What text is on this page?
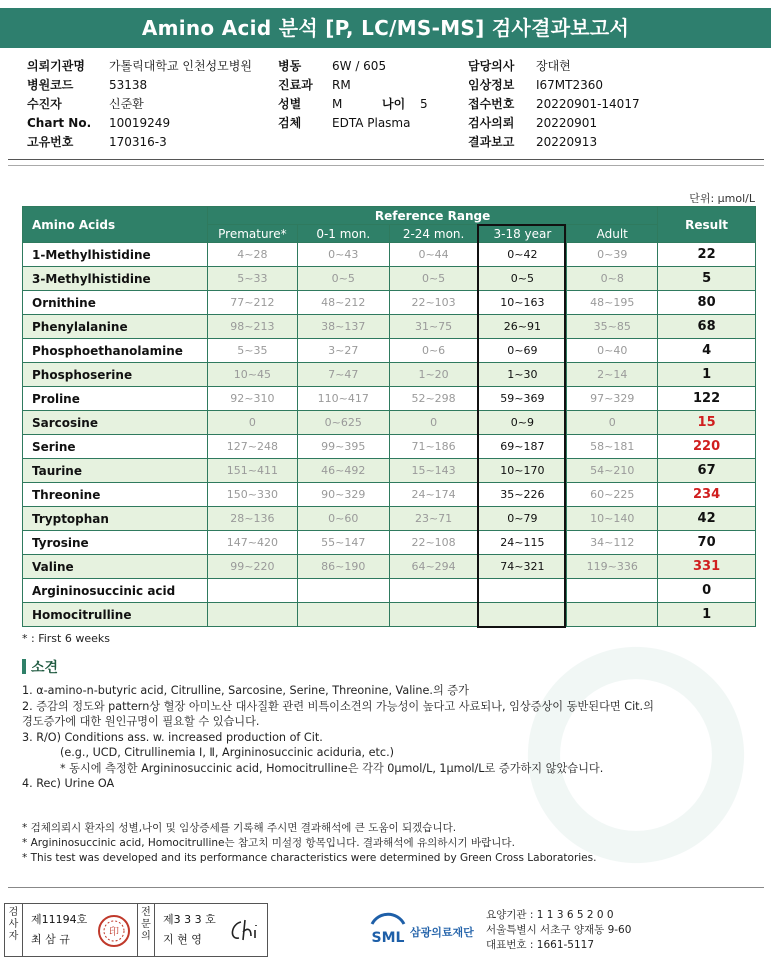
Amino Acid 분석 [P, LC/MS-MS] 검사결과보고서
의뢰기관명 가톨릭대학교 인천성모병원
병원코드	53138
수진자	신준환
Chart No. 10019249
고유번호	170316-3
병동	6W / 605
진료과 RM
성별	M	나이 5
검체	EDTA Plasma
담당의사 장대현
임상정보 I67MT2360
접수번호 20220901-14017
검사의뢰 20220901
결과보고 20220913
단위: μmol/L
Amino Acids	Reference Range					Result
	Premature*	0-1 mon.	2-24 mon.	3-18 year	Adult	
1-Methylhistidine	4~28	0~43	0~44	0~42	0~39	22
3-Methylhistidine	5~33	0~5	0~5	0~5	0~8	5
Ornithine	77~212	48~212	22~103	10~163	48~195	80
Phenylalanine	98~213	38~137	31~75	26~91	35~85	68
Phosphoethanolamine	5~35	3~27	0~6	0~69	0~40	4
Phosphoserine	10~45	7~47	1~20	1~30	2~14	1
Proline	92~310	110~417	52~298	59~369	97~329	122
Sarcosine	0	0~625	0	0~9	0	15
Serine	127~248	99~395	71~186	69~187	58~181	220
Taurine	151~411	46~492	15~143	10~170	54~210	67
Threonine	150~330	90~329	24~174	35~226	60~225	234
Tryptophan	28~136	0~60	23~71	0~79	10~140	42
Tyrosine	147~420	55~147	22~108	24~115	34~112	70
Valine	99~220	86~190	64~294	74~321	119~336	331
Argininosuccinic acid						0
Homocitrulline						1
* : First 6 weeks
소견
1. α-amino-n-butyric acid, Citrulline, Sarcosine, Serine, Threonine, Valine.의 증가
2. 증감의 정도와 pattern상 혈장 아미노산 대사질환 관련 비특이소견의 가능성이 높다고 사료되나, 임상증상이 동반된다면 Cit.의
경도증가에 대한 원인규명이 필요할 수 있습니다.
3. R/O) Conditions ass. w. increased production of Cit.
(e.g., UCD, Citrullinemia Ⅰ, Ⅱ, Argininosuccinic aciduria, etc.)
* 동시에 측정한 Argininosuccinic acid, Homocitrulline은 각각 0μmol/L, 1μmol/L로 증가하지 않았습니다.
4. Rec) Urine OA
* 검체의뢰시 환자의 성별,나이 및 임상증세를 기록해 주시면 결과해석에 큰 도움이 되겠습니다.
* Argininosuccinic acid, Homocitrulline는 참고치 미설정 항목입니다. 결과해석에 유의하시기 바랍니다.
* This test was developed and its performance characteristics were determined by Green Cross Laboratories.
검사자
제11194호
최 삼 규
印
전문의
제3 3 3 호
지 현 영	SML 삼광의료재단
요양기관 : 1 1 3 6 5 2 0 0
서울특별시 서초구 양재동 9-60
대표번호 : 1661-5117
